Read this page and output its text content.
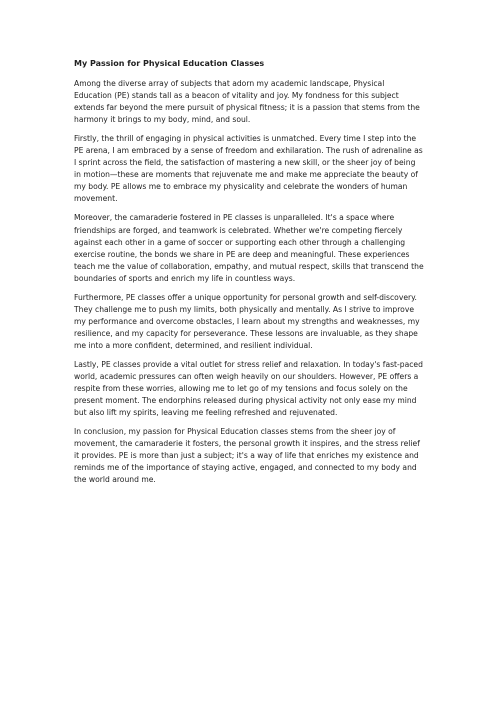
My Passion for Physical Education Classes

Among the diverse array of subjects that adorn my academic landscape, Physical Education (PE) stands tall as a beacon of vitality and joy. My fondness for this subject extends far beyond the mere pursuit of physical fitness; it is a passion that stems from the harmony it brings to my body, mind, and soul.

Firstly, the thrill of engaging in physical activities is unmatched. Every time I step into the PE arena, I am embraced by a sense of freedom and exhilaration. The rush of adrenaline as I sprint across the field, the satisfaction of mastering a new skill, or the sheer joy of being in motion—these are moments that rejuvenate me and make me appreciate the beauty of my body. PE allows me to embrace my physicality and celebrate the wonders of human movement.

Moreover, the camaraderie fostered in PE classes is unparalleled. It's a space where friendships are forged, and teamwork is celebrated. Whether we're competing fiercely against each other in a game of soccer or supporting each other through a challenging exercise routine, the bonds we share in PE are deep and meaningful. These experiences teach me the value of collaboration, empathy, and mutual respect, skills that transcend the boundaries of sports and enrich my life in countless ways.

Furthermore, PE classes offer a unique opportunity for personal growth and self-discovery. They challenge me to push my limits, both physically and mentally. As I strive to improve my performance and overcome obstacles, I learn about my strengths and weaknesses, my resilience, and my capacity for perseverance. These lessons are invaluable, as they shape me into a more confident, determined, and resilient individual.

Lastly, PE classes provide a vital outlet for stress relief and relaxation. In today's fast-paced world, academic pressures can often weigh heavily on our shoulders. However, PE offers a respite from these worries, allowing me to let go of my tensions and focus solely on the present moment. The endorphins released during physical activity not only ease my mind but also lift my spirits, leaving me feeling refreshed and rejuvenated.

In conclusion, my passion for Physical Education classes stems from the sheer joy of movement, the camaraderie it fosters, the personal growth it inspires, and the stress relief it provides. PE is more than just a subject; it's a way of life that enriches my existence and reminds me of the importance of staying active, engaged, and connected to my body and the world around me.
